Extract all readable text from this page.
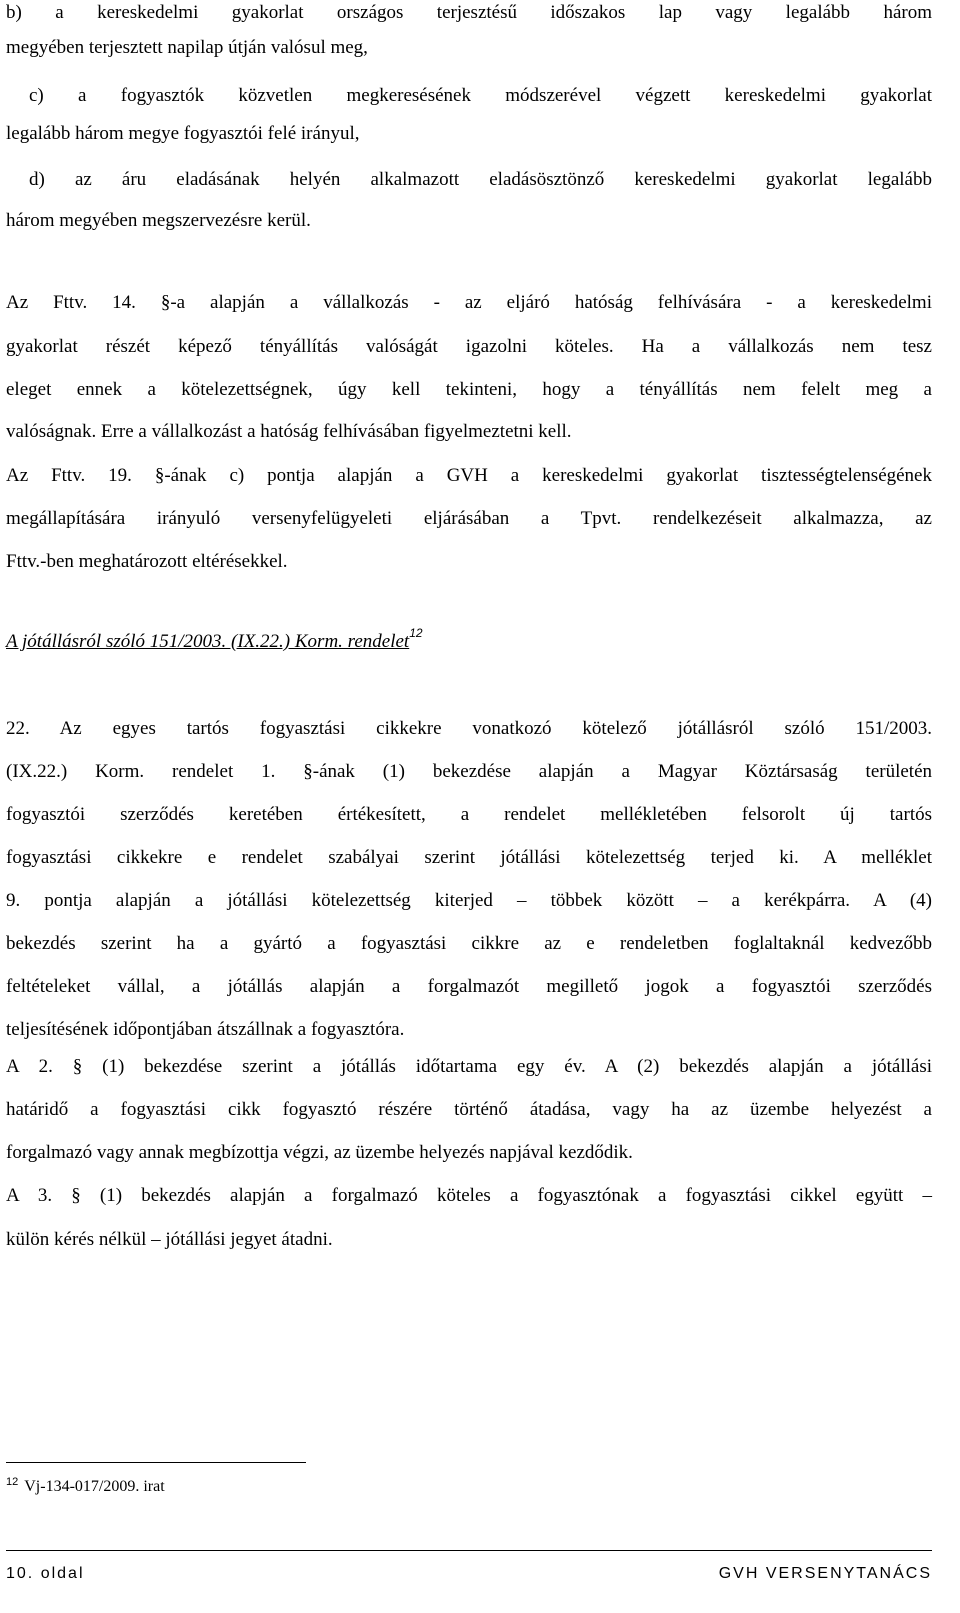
b) a kereskedelmi gyakorlat országos terjesztésű időszakos lap vagy legalább három
megyében terjesztett napilap útján valósul meg,
c) a fogyasztók közvetlen megkeresésének módszerével végzett kereskedelmi gyakorlat
legalább három megye fogyasztói felé irányul,
d) az áru eladásának helyén alkalmazott eladásösztönző kereskedelmi gyakorlat legalább
három megyében megszervezésre kerül.
Az Fttv. 14. §-a alapján a vállalkozás - az eljáró hatóság felhívására - a kereskedelmi
gyakorlat részét képező tényállítás valóságát igazolni köteles. Ha a vállalkozás nem tesz
eleget ennek a kötelezettségnek, úgy kell tekinteni, hogy a tényállítás nem felelt meg a
valóságnak. Erre a vállalkozást a hatóság felhívásában figyelmeztetni kell.
Az Fttv. 19. §-ának c) pontja alapján a GVH a kereskedelmi gyakorlat tisztességtelenségének
megállapítására irányuló versenyfelügyeleti eljárásában a Tpvt. rendelkezéseit alkalmazza, az
Fttv.-ben meghatározott eltérésekkel.
A jótállásról szóló 151/2003. (IX.22.) Korm. rendelet$^{12}$
22. Az egyes tartós fogyasztási cikkekre vonatkozó kötelező jótállásról szóló 151/2003.
(IX.22.) Korm. rendelet 1. §-ának (1) bekezdése alapján a Magyar Köztársaság területén
fogyasztói szerződés keretében értékesített, a rendelet mellékletében felsorolt új tartós
fogyasztási cikkekre e rendelet szabályai szerint jótállási kötelezettség terjed ki. A melléklet
9. pontja alapján a jótállási kötelezettség kiterjed – többek között – a kerékpárra. A (4)
bekezdés szerint ha a gyártó a fogyasztási cikkre az e rendeletben foglaltaknál kedvezőbb
feltételeket vállal, a jótállás alapján a forgalmazót megillető jogok a fogyasztói szerződés
teljesítésének időpontjában átszállnak a fogyasztóra.
A 2. § (1) bekezdése szerint a jótállás időtartama egy év. A (2) bekezdés alapján a jótállási
határidő a fogyasztási cikk fogyasztó részére történő átadása, vagy ha az üzembe helyezést a
forgalmazó vagy annak megbízottja végzi, az üzembe helyezés napjával kezdődik.
A 3. § (1) bekezdés alapján a forgalmazó köteles a fogyasztónak a fogyasztási cikkel együtt –
külön kérés nélkül – jótállási jegyet átadni.
$^{12}$ Vj-134-017/2009. irat
10. oldal	GVH VERSENYTANÁCS
